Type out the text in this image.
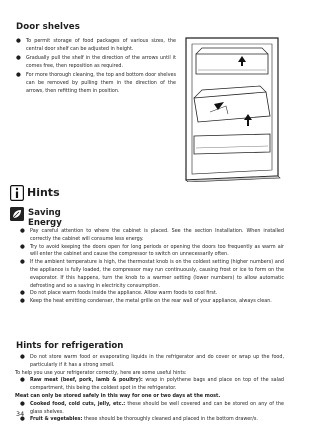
Door shelves
● To permit storage of food packages of various sizes, the central door shelf can be adjusted in height.
● Gradually pull the shelf in the direction of the arrows until it comes free, then reposition as required.
● For more thorough cleaning, the top and bottom door shelves can be removed by pulling them in the direction of the arrows, then refitting them in position.
Hints
Saving Energy
● Pay careful attention to where the cabinet is placed. See the section Installation. When installed correctly the cabinet will consume less energy.
● Try to avoid keeping the doors open for long periods or opening the doors too frequently as warm air will enter the cabinet and cause the compressor to switch on unnecessarily often.
● If the ambient temperature is high, the thermostat knob is on the coldest setting (higher numbers) and the appliance is fully loaded, the compressor may run continuously, causing frost or ice to form on the evaporator. If this happens, turn the knob to a warmer setting (lower numbers) to allow automatic defrosting and so a saving in electricity consumption.
● Do not place warm foods inside the appliance. Allow warm foods to cool first.
● Keep the heat emitting condenser, the metal grille on the rear wall of your appliance, always clean.
Hints for refrigeration
● Do not store warm food or evaporating liquids in the refrigerator and do cover or wrap up the food, particularly if it has a strong smell.
To help you use your refrigerator correctly, here are some useful hints:
● Raw meat (beef, pork, lamb & poultry): wrap in polythene bags and place on top of the salad compartment, this being the coldest spot in the refrigerator.
Meat can only be stored safely in this way for one or two days at the most.
● Cooked food, cold cuts, jelly, etc.: these should be well covered and can be stored on any of the glass shelves.
● Fruit & vegetables: these should be thoroughly cleaned and placed in the bottom drawer/s.
34
